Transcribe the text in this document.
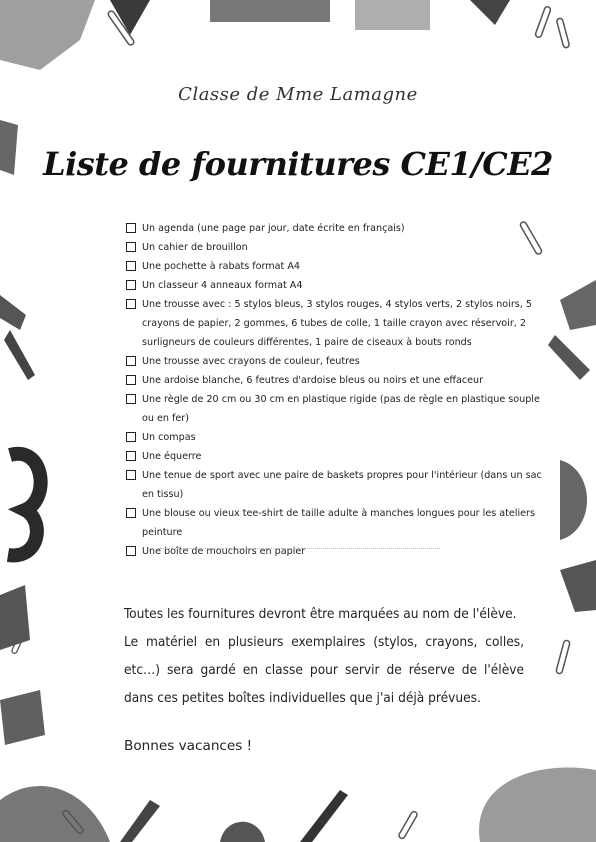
Classe de Mme Lamagne
Liste de fournitures CE1/CE2
Un agenda (une page par jour, date écrite en français)
Un cahier de brouillon
Une pochette à rabats format A4
Un classeur 4 anneaux format A4
Une trousse avec : 5 stylos bleus, 3 stylos rouges, 4 stylos verts, 2 stylos noirs, 5 crayons de papier, 2 gommes, 6 tubes de colle, 1 taille crayon avec réservoir, 2 surligneurs de couleurs différentes, 1 paire de ciseaux à bouts ronds
Une trousse avec crayons de couleur, feutres
Une ardoise blanche, 6 feutres d'ardoise bleus ou noirs et une effaceur
Une règle de 20 cm ou 30 cm en plastique rigide (pas de règle en plastique souple ou en fer)
Un compas
Une équerre
Une tenue de sport avec une paire de baskets propres pour l'intérieur (dans un sac en tissu)
Une blouse ou vieux tee-shirt de taille adulte à manches longues pour les ateliers peinture
Une boîte de mouchoirs en papier

Toutes les fournitures devront être marquées au nom de l'élève.

Le matériel en plusieurs exemplaires (stylos, crayons, colles, etc…) sera gardé en classe pour servir de réserve de l'élève dans ces petites boîtes individuelles que j'ai déjà prévues.

Bonnes vacances !
